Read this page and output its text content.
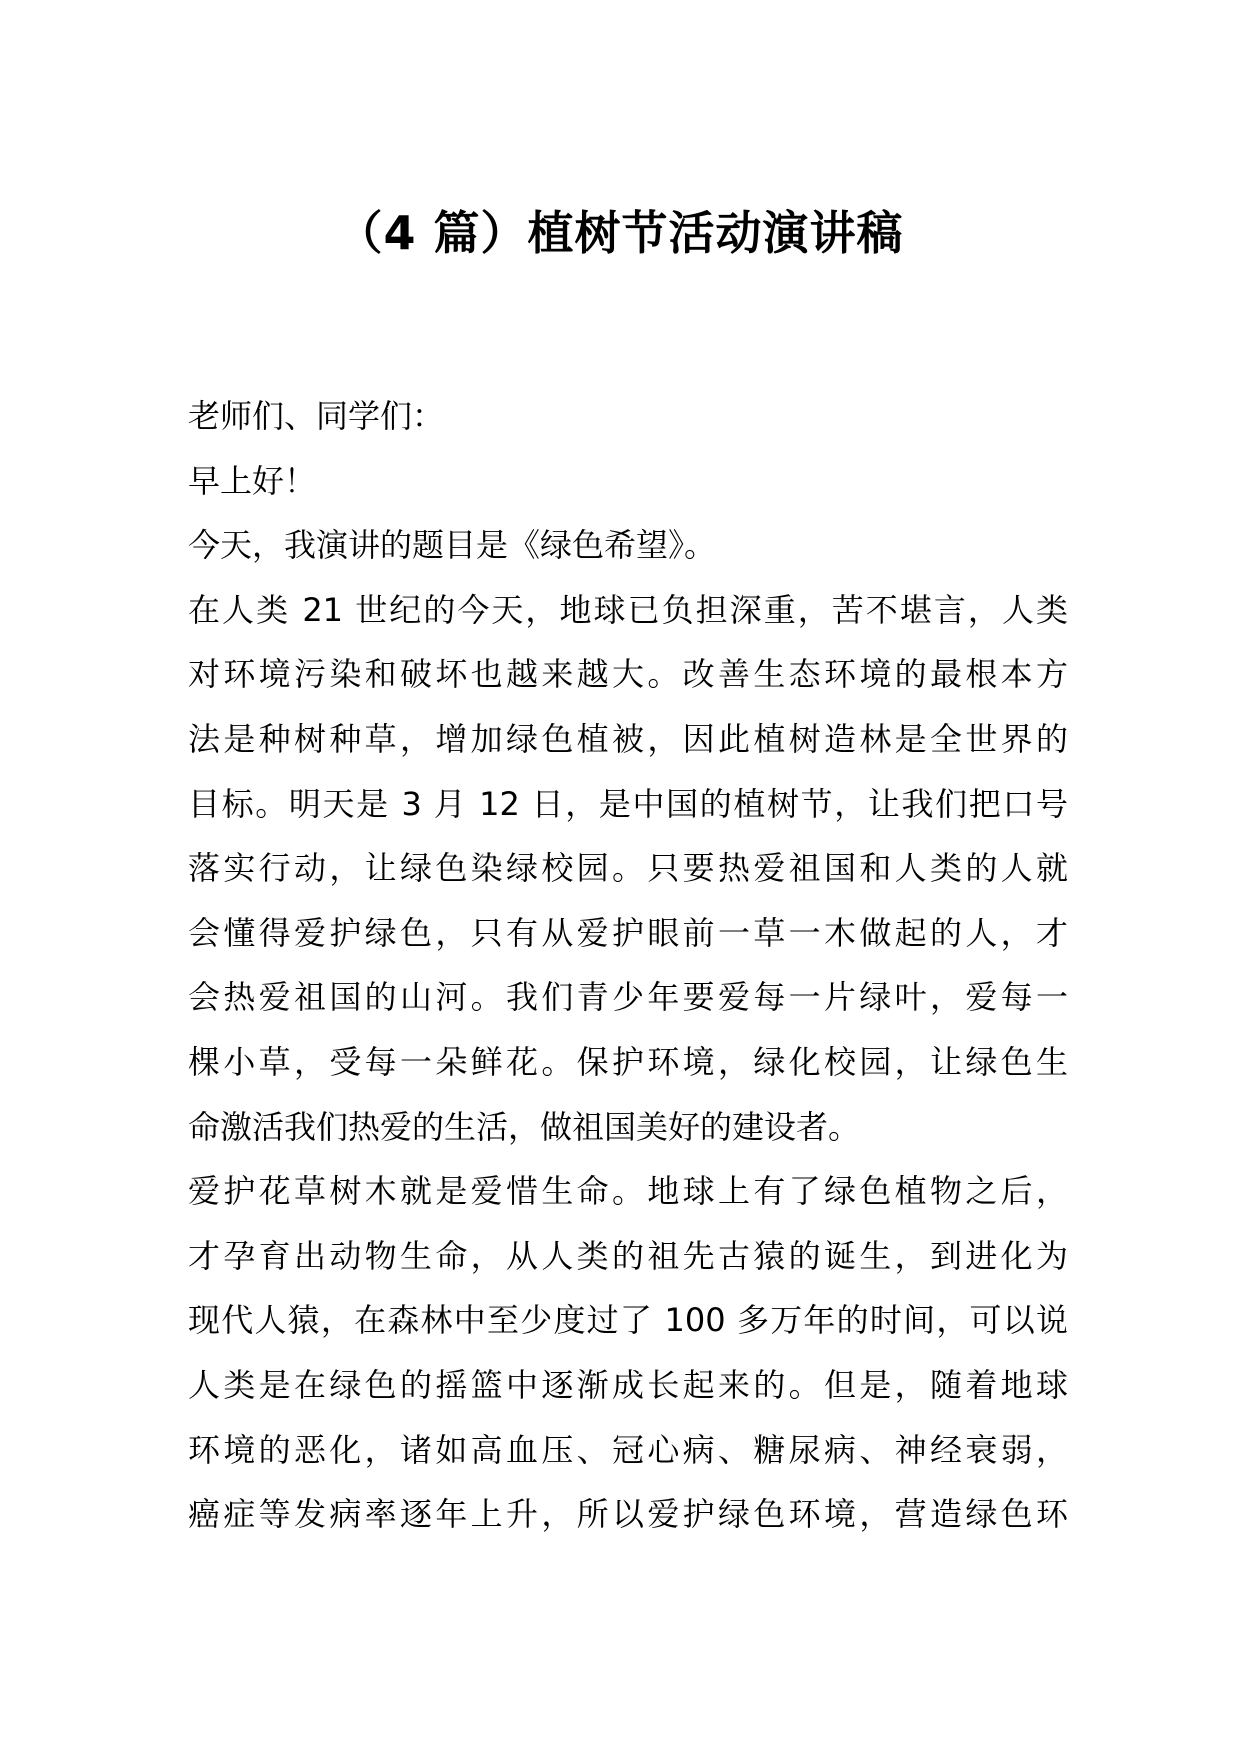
（4 篇）植树节活动演讲稿
老师们、同学们：
早上好！
今天，我演讲的题目是《绿色希望》。
在人类 21 世纪的今天，地球已负担深重，苦不堪言，人类
对环境污染和破坏也越来越大。改善生态环境的最根本方
法是种树种草，增加绿色植被，因此植树造林是全世界的
目标。明天是 3 月 12 日，是中国的植树节，让我们把口号
落实行动，让绿色染绿校园。只要热爱祖国和人类的人就
会懂得爱护绿色，只有从爱护眼前一草一木做起的人，才
会热爱祖国的山河。我们青少年要爱每一片绿叶，爱每一
棵小草，受每一朵鲜花。保护环境，绿化校园，让绿色生
命激活我们热爱的生活，做祖国美好的建设者。
爱护花草树木就是爱惜生命。地球上有了绿色植物之后，
才孕育出动物生命，从人类的祖先古猿的诞生，到进化为
现代人猿，在森林中至少度过了 100 多万年的时间，可以说
人类是在绿色的摇篮中逐渐成长起来的。但是，随着地球
环境的恶化，诸如高血压、冠心病、糖尿病、神经衰弱，
癌症等发病率逐年上升，所以爱护绿色环境，营造绿色环
